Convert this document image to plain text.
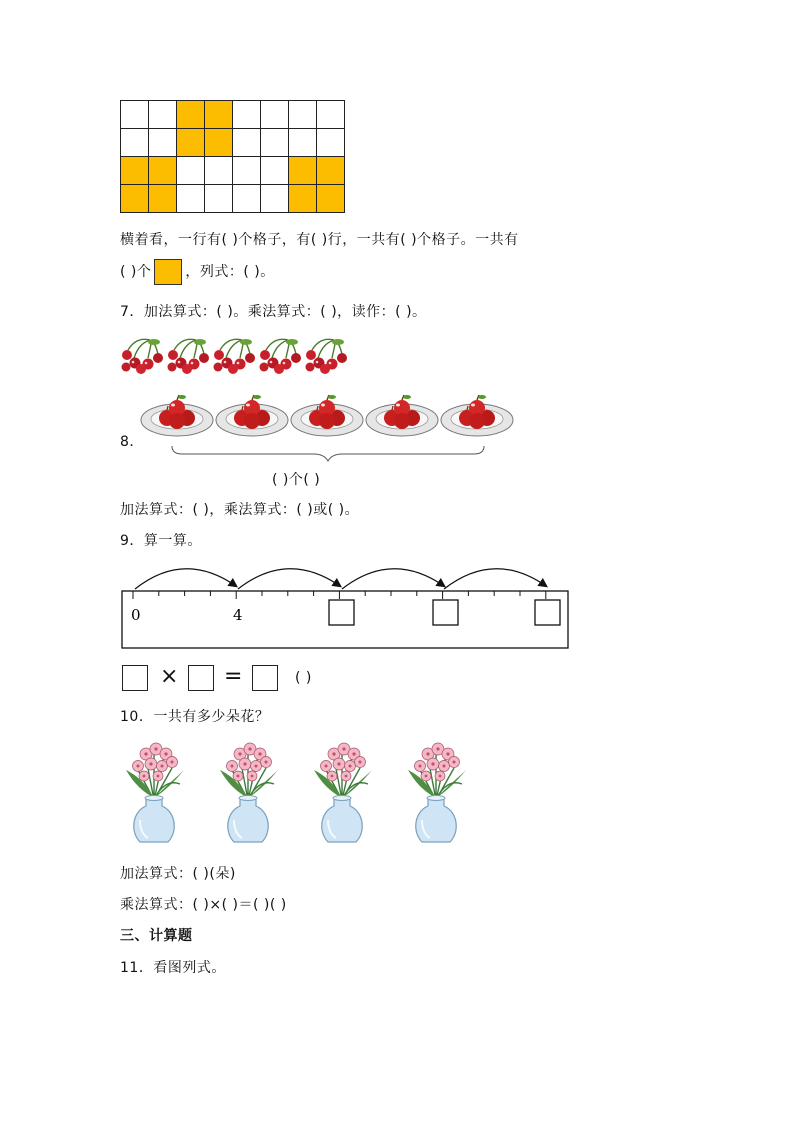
横着看，一行有( )个格子，有( )行，一共有( )个格子。一共有
( )个 ，列式：( )。
7．加法算式：( )。乘法算式：( )，读作：( )。
8．
( )个( )
加法算式：( )，乘法算式：( )或( )。
9．算一算。
0	4
× =	( )
10．一共有多少朵花？
加法算式：( )(朵)
乘法算式：( )×( )＝( )( )
三、计算题
11．看图列式。
